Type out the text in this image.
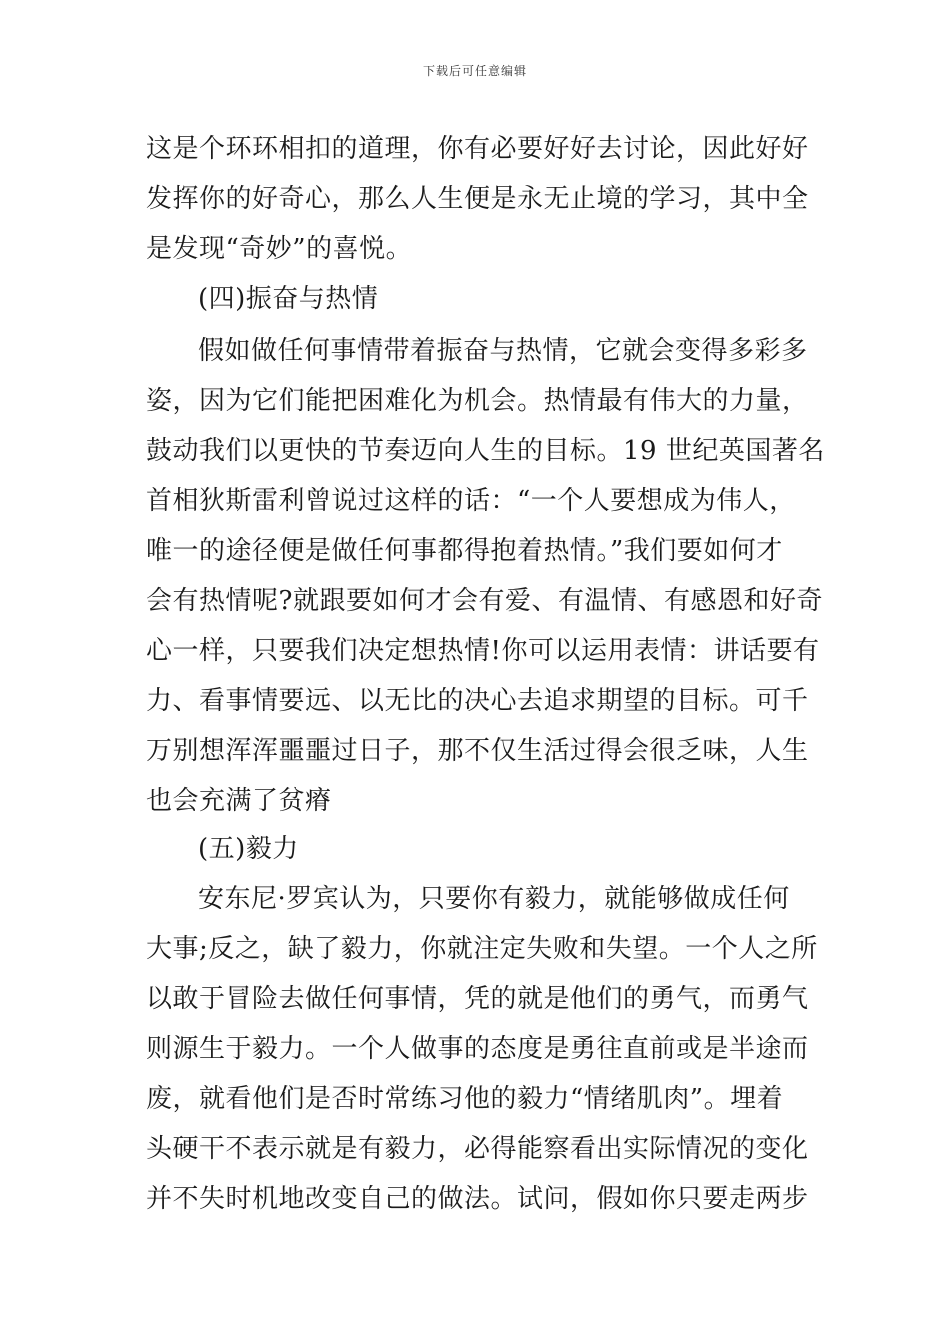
下载后可任意编辑
这是个环环相扣的道理，你有必要好好去讨论，因此好好
发挥你的好奇心，那么人生便是永无止境的学习，其中全
是发现“奇妙”的喜悦。
(四)振奋与热情
假如做任何事情带着振奋与热情，它就会变得多彩多
姿，因为它们能把困难化为机会。热情最有伟大的力量，
鼓动我们以更快的节奏迈向人生的目标。19 世纪英国著名
首相狄斯雷利曾说过这样的话：“一个人要想成为伟人，
唯一的途径便是做任何事都得抱着热情。”我们要如何才
会有热情呢?就跟要如何才会有爱、有温情、有感恩和好奇
心一样，只要我们决定想热情!你可以运用表情：讲话要有
力、看事情要远、以无比的决心去追求期望的目标。可千
万别想浑浑噩噩过日子，那不仅生活过得会很乏味，人生
也会充满了贫瘠
(五)毅力
安东尼·罗宾认为，只要你有毅力，就能够做成任何
大事;反之，缺了毅力，你就注定失败和失望。一个人之所
以敢于冒险去做任何事情，凭的就是他们的勇气，而勇气
则源生于毅力。一个人做事的态度是勇往直前或是半途而
废，就看他们是否时常练习他的毅力“情绪肌肉”。埋着
头硬干不表示就是有毅力，必得能察看出实际情况的变化
并不失时机地改变自己的做法。试问，假如你只要走两步
